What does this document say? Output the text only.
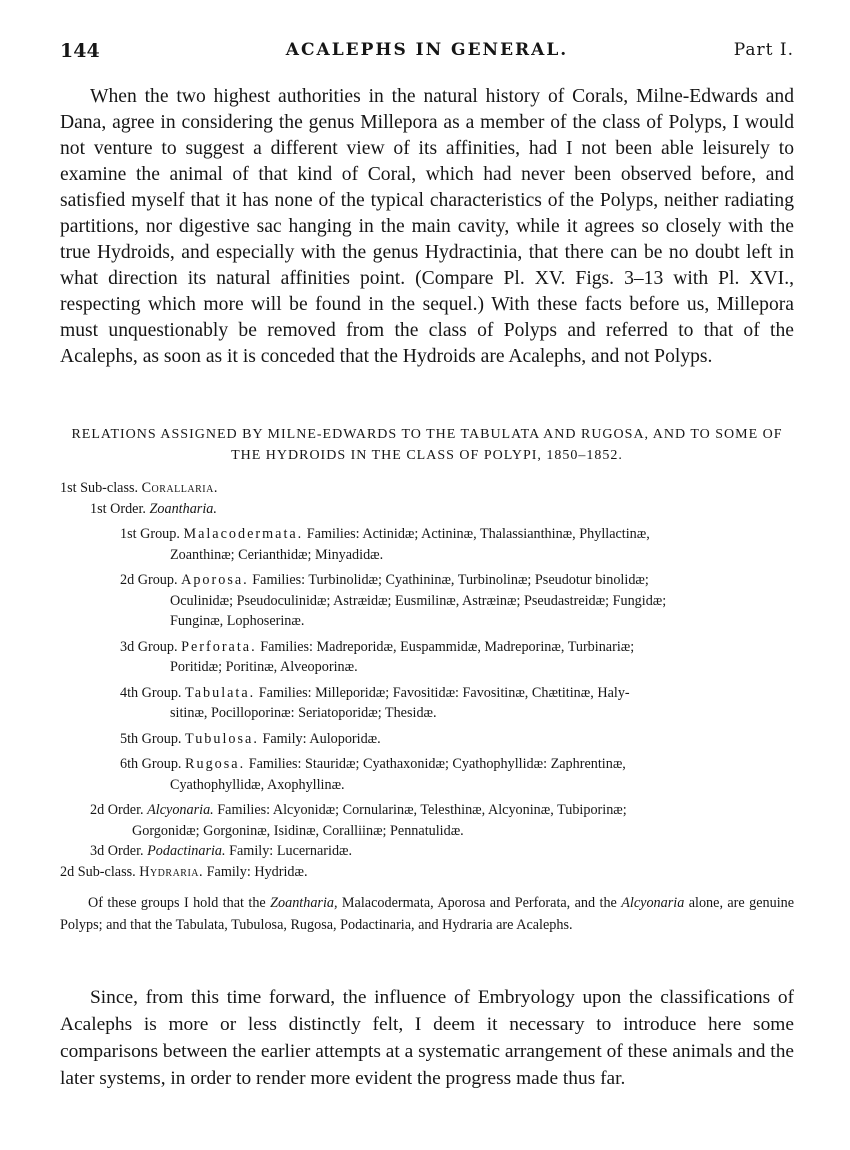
144	ACALEPHS IN GENERAL.	Part I.

When the two highest authorities in the natural history of Corals, Milne-Edwards and Dana, agree in considering the genus Millepora as a member of the class of Polyps, I would not venture to suggest a different view of its affinities, had I not been able leisurely to examine the animal of that kind of Coral, which had never been observed before, and satisfied myself that it has none of the typical characteristics of the Polyps, neither radiating partitions, nor digestive sac hanging in the main cavity, while it agrees so closely with the true Hydroids, and especially with the genus Hydractinia, that there can be no doubt left in what direction its natural affinities point. (Compare Pl. XV. Figs. 3–13 with Pl. XVI., respecting which more will be found in the sequel.) With these facts before us, Millepora must unquestionably be removed from the class of Polyps and referred to that of the Acalephs, as soon as it is conceded that the Hydroids are Acalephs, and not Polyps.

RELATIONS ASSIGNED BY MILNE-EDWARDS TO THE TABULATA AND RUGOSA, AND TO SOME OF THE HYDROIDS IN THE CLASS OF POLYPI, 1850–1852.
1st Sub-class. Corallaria.
1st Order. Zoantharia.
1st Group. Malacodermata. Families: Actinidæ; Actininæ, Thalassianthinæ, Phyllactinæ,
Zoanthinæ; Cerianthidæ; Minyadidæ.
2d Group. Aporosa. Families: Turbinolidæ; Cyathininæ, Turbinolinæ; Pseudotur binolidæ;
Oculinidæ; Pseudoculinidæ; Astræidæ; Eusmilinæ, Astræinæ; Pseudastreidæ; Fungidæ;
Funginæ, Lophoserinæ.
3d Group. Perforata. Families: Madreporidæ, Euspammidæ, Madreporinæ, Turbinariæ;
Poritidæ; Poritinæ, Alveoporinæ.
4th Group. Tabulata. Families: Milleporidæ; Favositidæ: Favositinæ, Chætitinæ, Haly-
sitinæ, Pocilloporinæ: Seriatoporidæ; Thesidæ.
5th Group. Tubulosa. Family: Auloporidæ.
6th Group. Rugosa. Families: Stauridæ; Cyathaxonidæ; Cyathophyllidæ: Zaphrentinæ,
Cyathophyllidæ, Axophyllinæ.
2d Order. Alcyonaria. Families: Alcyonidæ; Cornularinæ, Telesthinæ, Alcyoninæ, Tubiporinæ;
Gorgonidæ; Gorgoninæ, Isidinæ, Coralliinæ; Pennatulidæ.
3d Order. Podactinaria. Family: Lucernaridæ.
2d Sub-class. Hydraria. Family: Hydridæ.

Of these groups I hold that the Zoantharia, Malacodermata, Aporosa and Perforata, and the Alcyonaria alone, are genuine Polyps; and that the Tabulata, Tubulosa, Rugosa, Podactinaria, and Hydraria are Acalephs.

Since, from this time forward, the influence of Embryology upon the classifications of Acalephs is more or less distinctly felt, I deem it necessary to introduce here some comparisons between the earlier attempts at a systematic arrangement of these animals and the later systems, in order to render more evident the progress made thus far.
